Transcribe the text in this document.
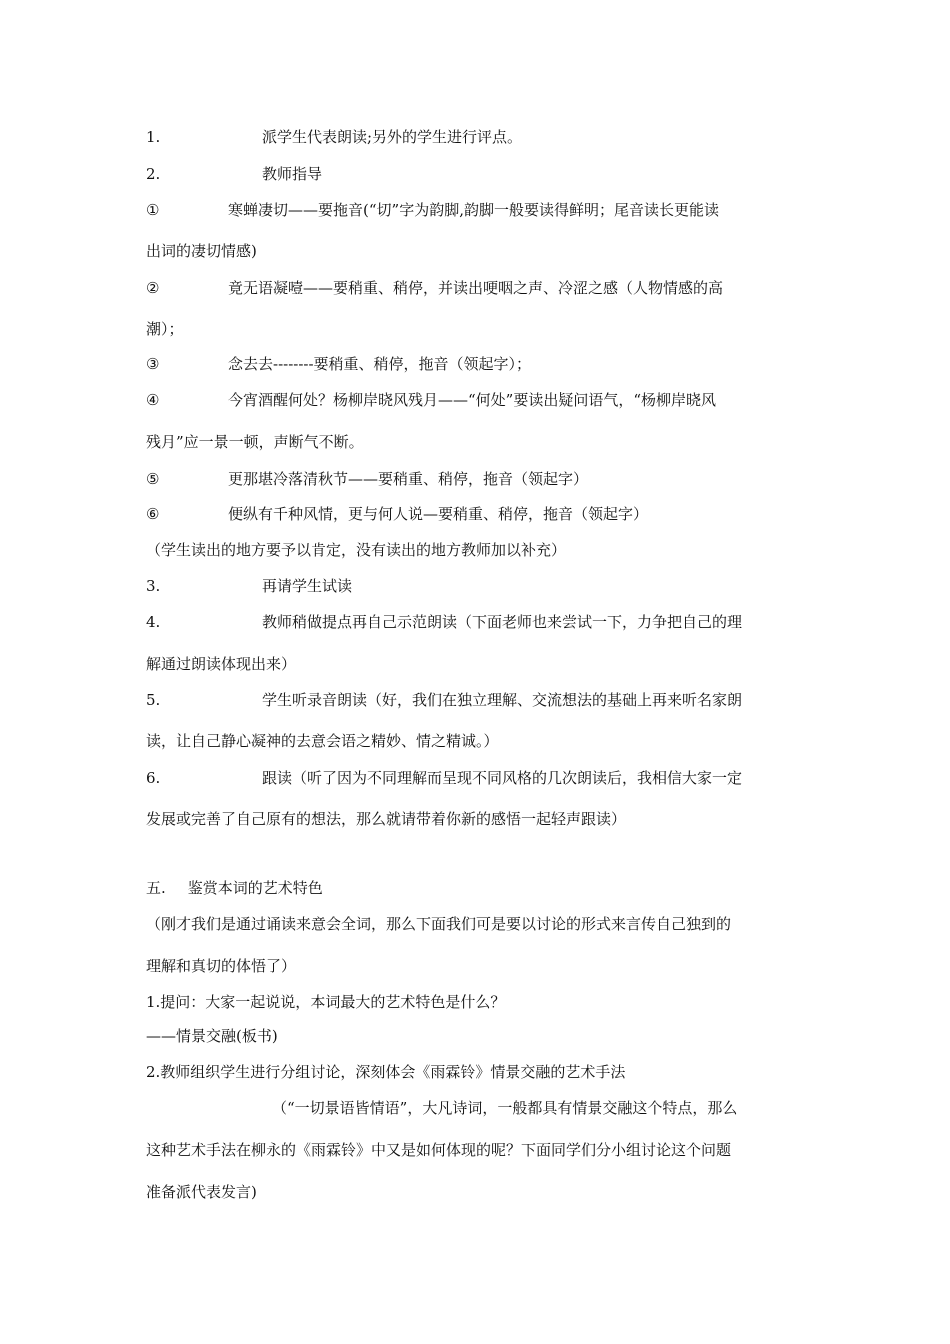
1.	派学生代表朗读;另外的学生进行评点。
2.	教师指导
①	寒蝉凄切——要拖音(“切”字为韵脚,韵脚一般要读得鲜明；尾音读长更能读
出词的凄切情感)
②	竟无语凝噎——要稍重、稍停，并读出哽咽之声、冷涩之感（人物情感的高
潮）；
③	念去去--------要稍重、稍停，拖音（领起字）；
④	今宵酒醒何处？杨柳岸晓风残月——“何处”要读出疑问语气，“杨柳岸晓风
残月”应一景一顿，声断气不断。
⑤	更那堪冷落清秋节——要稍重、稍停，拖音（领起字）
⑥	便纵有千种风情，更与何人说—要稍重、稍停，拖音（领起字）
（学生读出的地方要予以肯定，没有读出的地方教师加以补充）
3.	再请学生试读
4.	教师稍做提点再自己示范朗读（下面老师也来尝试一下，力争把自己的理
解通过朗读体现出来）
5.	学生听录音朗读（好，我们在独立理解、交流想法的基础上再来听名家朗
读，让自己静心凝神的去意会语之精妙、情之精诚。）
6.	跟读（听了因为不同理解而呈现不同风格的几次朗读后，我相信大家一定
发展或完善了自己原有的想法，那么就请带着你新的感悟一起轻声跟读）
五. 鉴赏本词的艺术特色
（刚才我们是通过诵读来意会全词，那么下面我们可是要以讨论的形式来言传自己独到的
理解和真切的体悟了）
1.提问：大家一起说说，本词最大的艺术特色是什么？
——情景交融(板书)
2.教师组织学生进行分组讨论，深刻体会《雨霖铃》情景交融的艺术手法
（“一切景语皆情语”，大凡诗词，一般都具有情景交融这个特点，那么
这种艺术手法在柳永的《雨霖铃》中又是如何体现的呢？下面同学们分小组讨论这个问题
准备派代表发言)
